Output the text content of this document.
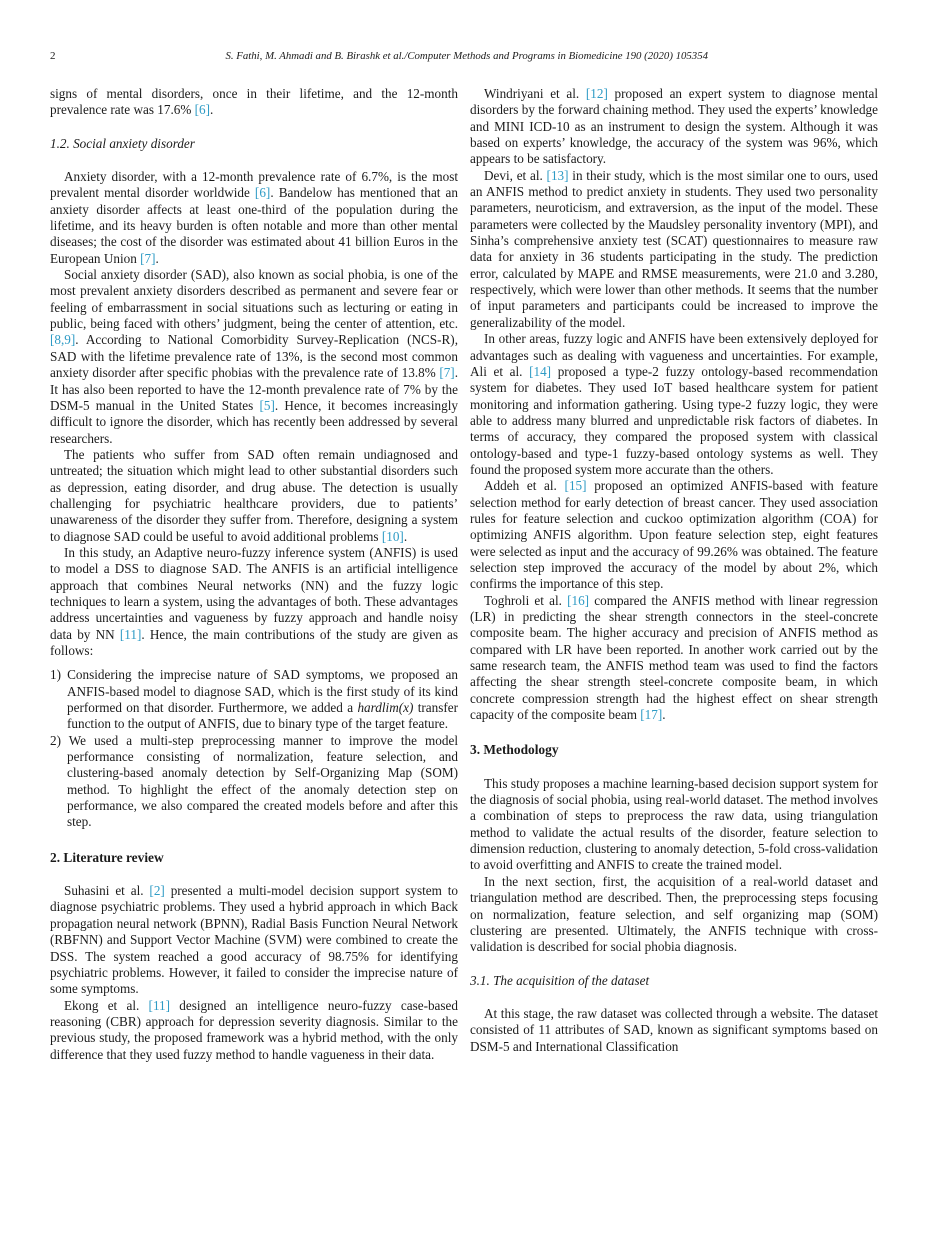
2	S. Fathi, M. Ahmadi and B. Birashk et al./Computer Methods and Programs in Biomedicine 190 (2020) 105354

signs of mental disorders, once in their lifetime, and the 12-month prevalence rate was 17.6% [6].

1.2. Social anxiety disorder

Anxiety disorder, with a 12-month prevalence rate of 6.7%, is the most prevalent mental disorder worldwide [6]. Bandelow has mentioned that an anxiety disorder affects at least one-third of the population during the lifetime, and its heavy burden is often notable and more than other mental diseases; the cost of the disorder was estimated about 41 billion Euros in the European Union [7].

Social anxiety disorder (SAD), also known as social phobia, is one of the most prevalent anxiety disorders described as permanent and severe fear or feeling of embarrassment in social situations such as lecturing or eating in public, being faced with others’ judgment, being the center of attention, etc. [8,9]. According to National Comorbidity Survey-Replication (NCS-R), SAD with the lifetime prevalence rate of 13%, is the second most common anxiety disorder after specific phobias with the prevalence rate of 13.8% [7]. It has also been reported to have the 12-month prevalence rate of 7% by the DSM-5 manual in the United States [5]. Hence, it becomes increasingly difficult to ignore the disorder, which has recently been addressed by several researchers.

The patients who suffer from SAD often remain undiagnosed and untreated; the situation which might lead to other substantial disorders such as depression, eating disorder, and drug abuse. The detection is usually challenging for psychiatric healthcare providers, due to patients’ unawareness of the disorder they suffer from. Therefore, designing a system to diagnose SAD could be useful to avoid additional problems [10].

In this study, an Adaptive neuro-fuzzy inference system (ANFIS) is used to model a DSS to diagnose SAD. The ANFIS is an artificial intelligence approach that combines Neural networks (NN) and the fuzzy logic techniques to learn a system, using the advantages of both. These advantages address uncertainties and vagueness by fuzzy approach and handle noisy data by NN [11]. Hence, the main contributions of the study are given as follows:

1) Considering the imprecise nature of SAD symptoms, we proposed an ANFIS-based model to diagnose SAD, which is the first study of its kind performed on that disorder. Furthermore, we added a hardlim(x) transfer function to the output of ANFIS, due to binary type of the target feature.
2) We used a multi-step preprocessing manner to improve the model performance consisting of normalization, feature selection, and clustering-based anomaly detection by Self-Organizing Map (SOM) method. To highlight the effect of the anomaly detection step on performance, we also compared the created models before and after this step.
2. Literature review

Suhasini et al. [2] presented a multi-model decision support system to diagnose psychiatric problems. They used a hybrid approach in which Back propagation neural network (BPNN), Radial Basis Function Neural Network (RBFNN) and Support Vector Machine (SVM) were combined to create the DSS. The system reached a good accuracy of 98.75% for identifying psychiatric problems. However, it failed to consider the imprecise nature of some symptoms.

Ekong et al. [11] designed an intelligence neuro-fuzzy case-based reasoning (CBR) approach for depression severity diagnosis. Similar to the previous study, the proposed framework was a hybrid method, with the only difference that they used fuzzy method to handle vagueness in their data.

Windriyani et al. [12] proposed an expert system to diagnose mental disorders by the forward chaining method. They used the experts’ knowledge and MINI ICD-10 as an instrument to design the system. Although it was based on experts’ knowledge, the accuracy of the system was 96%, which appears to be satisfactory.

Devi, et al. [13] in their study, which is the most similar one to ours, used an ANFIS method to predict anxiety in students. They used two personality parameters, neuroticism, and extraversion, as the input of the model. These parameters were collected by the Maudsley personality inventory (MPI), and Sinha’s comprehensive anxiety test (SCAT) questionnaires to measure raw data for anxiety in 36 students participating in the study. The prediction error, calculated by MAPE and RMSE measurements, were 21.0 and 3.280, respectively, which were lower than other methods. It seems that the number of input parameters and participants could be increased to improve the generalizability of the model.

In other areas, fuzzy logic and ANFIS have been extensively deployed for advantages such as dealing with vagueness and uncertainties. For example, Ali et al. [14] proposed a type-2 fuzzy ontology-based recommendation system for diabetes. They used IoT based healthcare system for patient monitoring and information gathering. Using type-2 fuzzy logic, they were able to address many blurred and unpredictable risk factors of diabetes. In terms of accuracy, they compared the proposed system with classical ontology-based and type-1 fuzzy-based ontology systems as well. They found the proposed system more accurate than the others.

Addeh et al. [15] proposed an optimized ANFIS-based with feature selection method for early detection of breast cancer. They used association rules for feature selection and cuckoo optimization algorithm (COA) for optimizing ANFIS algorithm. Upon feature selection step, eight features were selected as input and the accuracy of 99.26% was obtained. The feature selection step improved the accuracy of the model by about 2%, which confirms the importance of this step.

Toghroli et al. [16] compared the ANFIS method with linear regression (LR) in predicting the shear strength connectors in the steel-concrete composite beam. The higher accuracy and precision of ANFIS method as compared with LR have been reported. In another work carried out by the same research team, the ANFIS method team was used to find the factors affecting the shear strength steel-concrete composite beam, in which concrete compression strength had the highest effect on shear strength capacity of the composite beam [17].

3. Methodology

This study proposes a machine learning-based decision support system for the diagnosis of social phobia, using real-world dataset. The method involves a combination of steps to preprocess the raw data, using triangulation method to validate the actual results of the disorder, feature selection to dimension reduction, clustering to anomaly detection, 5-fold cross-validation to avoid overfitting and ANFIS to create the trained model.

In the next section, first, the acquisition of a real-world dataset and triangulation method are described. Then, the preprocessing steps focusing on normalization, feature selection, and self organizing map (SOM) clustering are presented. Ultimately, the ANFIS technique with cross-validation is described for social phobia diagnosis.

3.1. The acquisition of the dataset

At this stage, the raw dataset was collected through a website. The dataset consisted of 11 attributes of SAD, known as significant symptoms based on DSM-5 and International Classification
